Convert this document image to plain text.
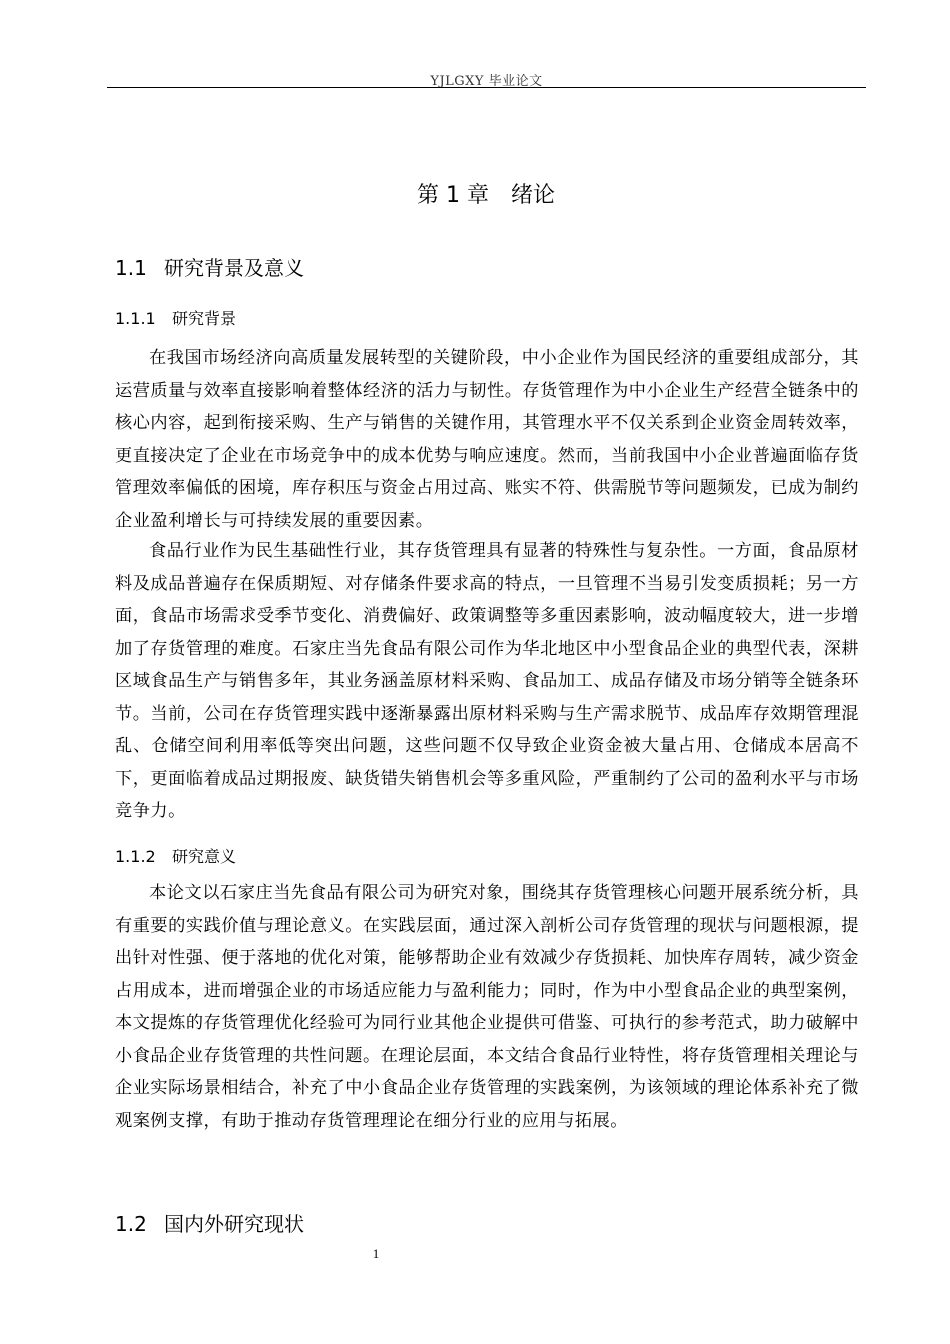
YJLGXY 毕业论文
第 1 章　绪论
1.1 研究背景及意义
1.1.1 研究背景
在我国市场经济向高质量发展转型的关键阶段，中小企业作为国民经济的重要组成部分，其运营质量与效率直接影响着整体经济的活力与韧性。存货管理作为中小企业生产经营全链条中的核心内容，起到衔接采购、生产与销售的关键作用，其管理水平不仅关系到企业资金周转效率，更直接决定了企业在市场竞争中的成本优势与响应速度。然而，当前我国中小企业普遍面临存货管理效率偏低的困境，库存积压与资金占用过高、账实不符、供需脱节等问题频发，已成为制约企业盈利增长与可持续发展的重要因素。
食品行业作为民生基础性行业，其存货管理具有显著的特殊性与复杂性。一方面，食品原材料及成品普遍存在保质期短、对存储条件要求高的特点，一旦管理不当易引发变质损耗；另一方面，食品市场需求受季节变化、消费偏好、政策调整等多重因素影响，波动幅度较大，进一步增加了存货管理的难度。石家庄当先食品有限公司作为华北地区中小型食品企业的典型代表，深耕区域食品生产与销售多年，其业务涵盖原材料采购、食品加工、成品存储及市场分销等全链条环节。当前，公司在存货管理实践中逐渐暴露出原材料采购与生产需求脱节、成品库存效期管理混乱、仓储空间利用率低等突出问题，这些问题不仅导致企业资金被大量占用、仓储成本居高不下，更面临着成品过期报废、缺货错失销售机会等多重风险，严重制约了公司的盈利水平与市场竞争力。
1.1.2 研究意义
本论文以石家庄当先食品有限公司为研究对象，围绕其存货管理核心问题开展系统分析，具有重要的实践价值与理论意义。在实践层面，通过深入剖析公司存货管理的现状与问题根源，提出针对性强、便于落地的优化对策，能够帮助企业有效减少存货损耗、加快库存周转，减少资金占用成本，进而增强企业的市场适应能力与盈利能力；同时，作为中小型食品企业的典型案例，本文提炼的存货管理优化经验可为同行业其他企业提供可借鉴、可执行的参考范式，助力破解中小食品企业存货管理的共性问题。在理论层面，本文结合食品行业特性，将存货管理相关理论与企业实际场景相结合，补充了中小食品企业存货管理的实践案例，为该领域的理论体系补充了微观案例支撑，有助于推动存货管理理论在细分行业的应用与拓展。
1.2 国内外研究现状
1
